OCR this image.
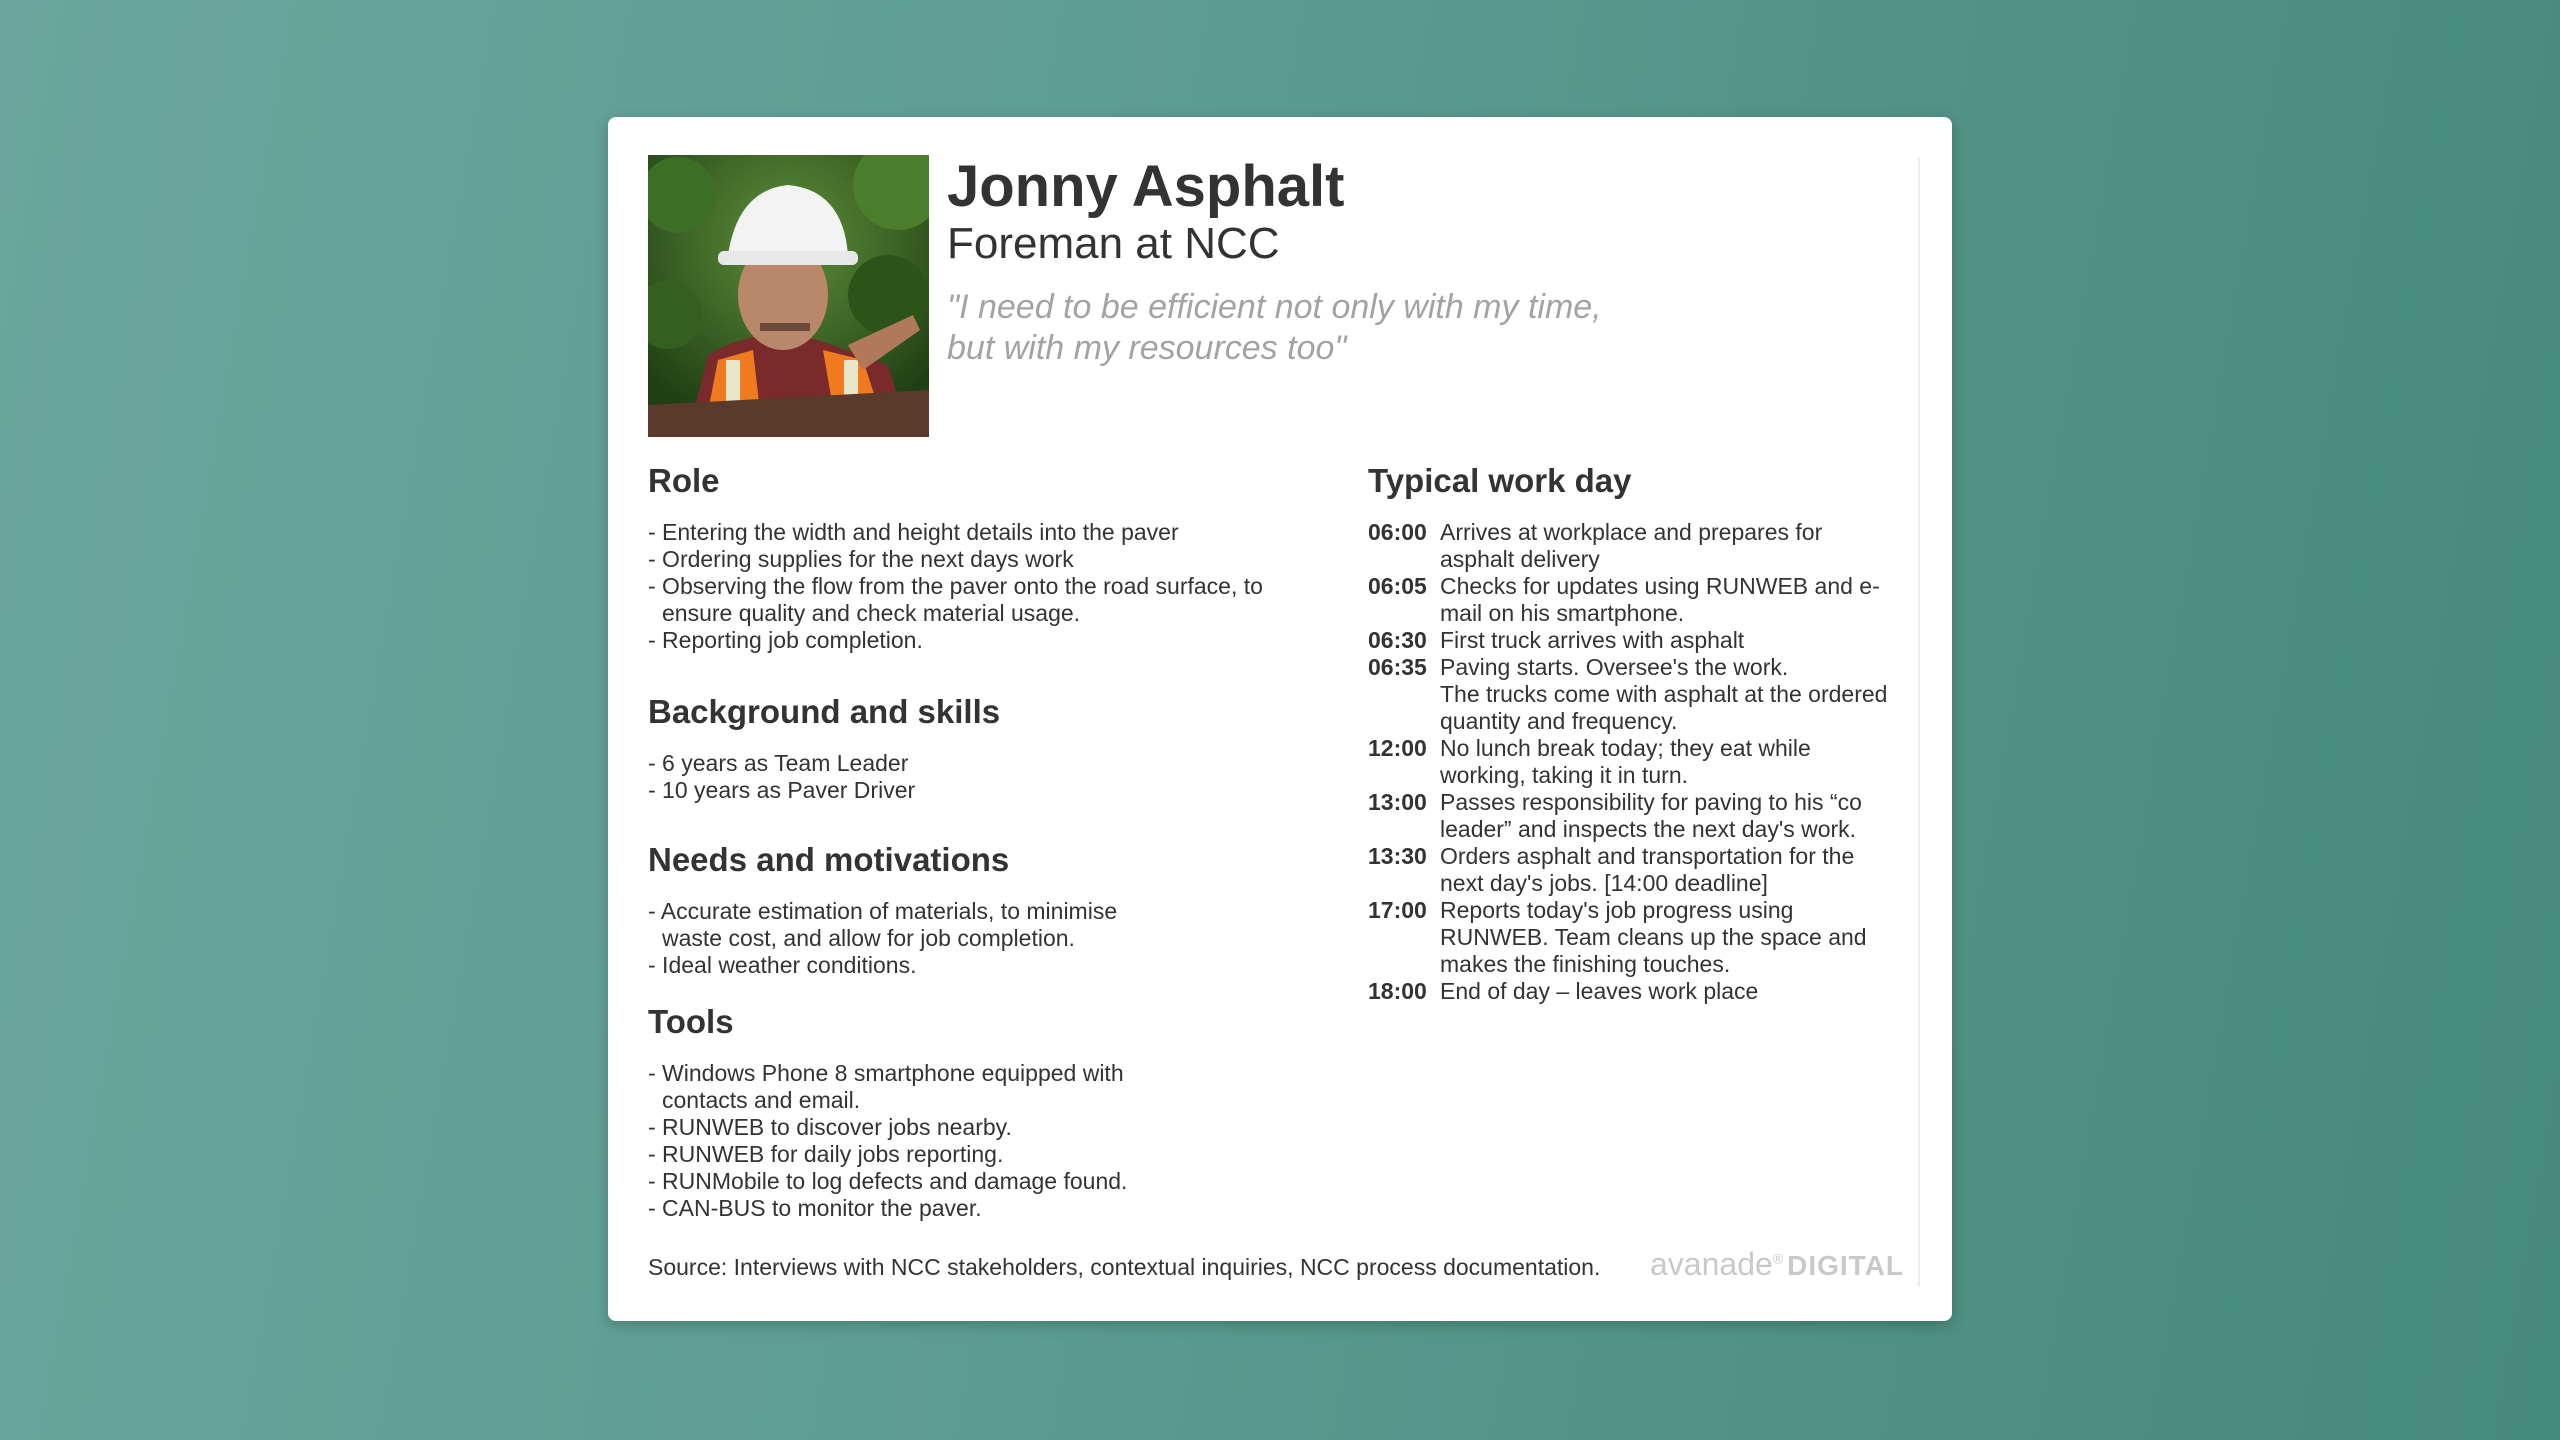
Jonny Asphalt
Foreman at NCC
"I need to be efficient not only with my time, but with my resources too"
Role
- Entering the width and height details into the paver
- Ordering supplies for the next days work
- Observing the flow from the paver onto the road surface, to ensure quality and check material usage.
- Reporting job completion.
Background and skills
- 6 years as Team Leader
- 10 years as Paver Driver
Needs and motivations
- Accurate estimation of materials, to minimise waste cost, and allow for job completion.
- Ideal weather conditions.
Tools
- Windows Phone 8 smartphone equipped with contacts and email.
- RUNWEB to discover jobs nearby.
- RUNWEB for daily jobs reporting.
- RUNMobile to log defects and damage found.
- CAN-BUS to monitor the paver.
Typical work day
06:00 Arrives at workplace and prepares for
asphalt delivery
06:05 Checks for updates using RUNWEB and e-
mail on his smartphone.
06:30 First truck arrives with asphalt
06:35 Paving starts. Oversee's the work.
The trucks come with asphalt at the ordered
quantity and frequency.
12:00 No lunch break today; they eat while
working, taking it in turn.
13:00 Passes responsibility for paving to his “co
leader” and inspects the next day's work.
13:30 Orders asphalt and transportation for the
next day's jobs. [14:00 deadline]
17:00 Reports today's job progress using
RUNWEB. Team cleans up the space and
makes the finishing touches.
18:00 End of day – leaves work place
Source: Interviews with NCC stakeholders, contextual inquiries, NCC process documentation. avanade® DIGITAL
